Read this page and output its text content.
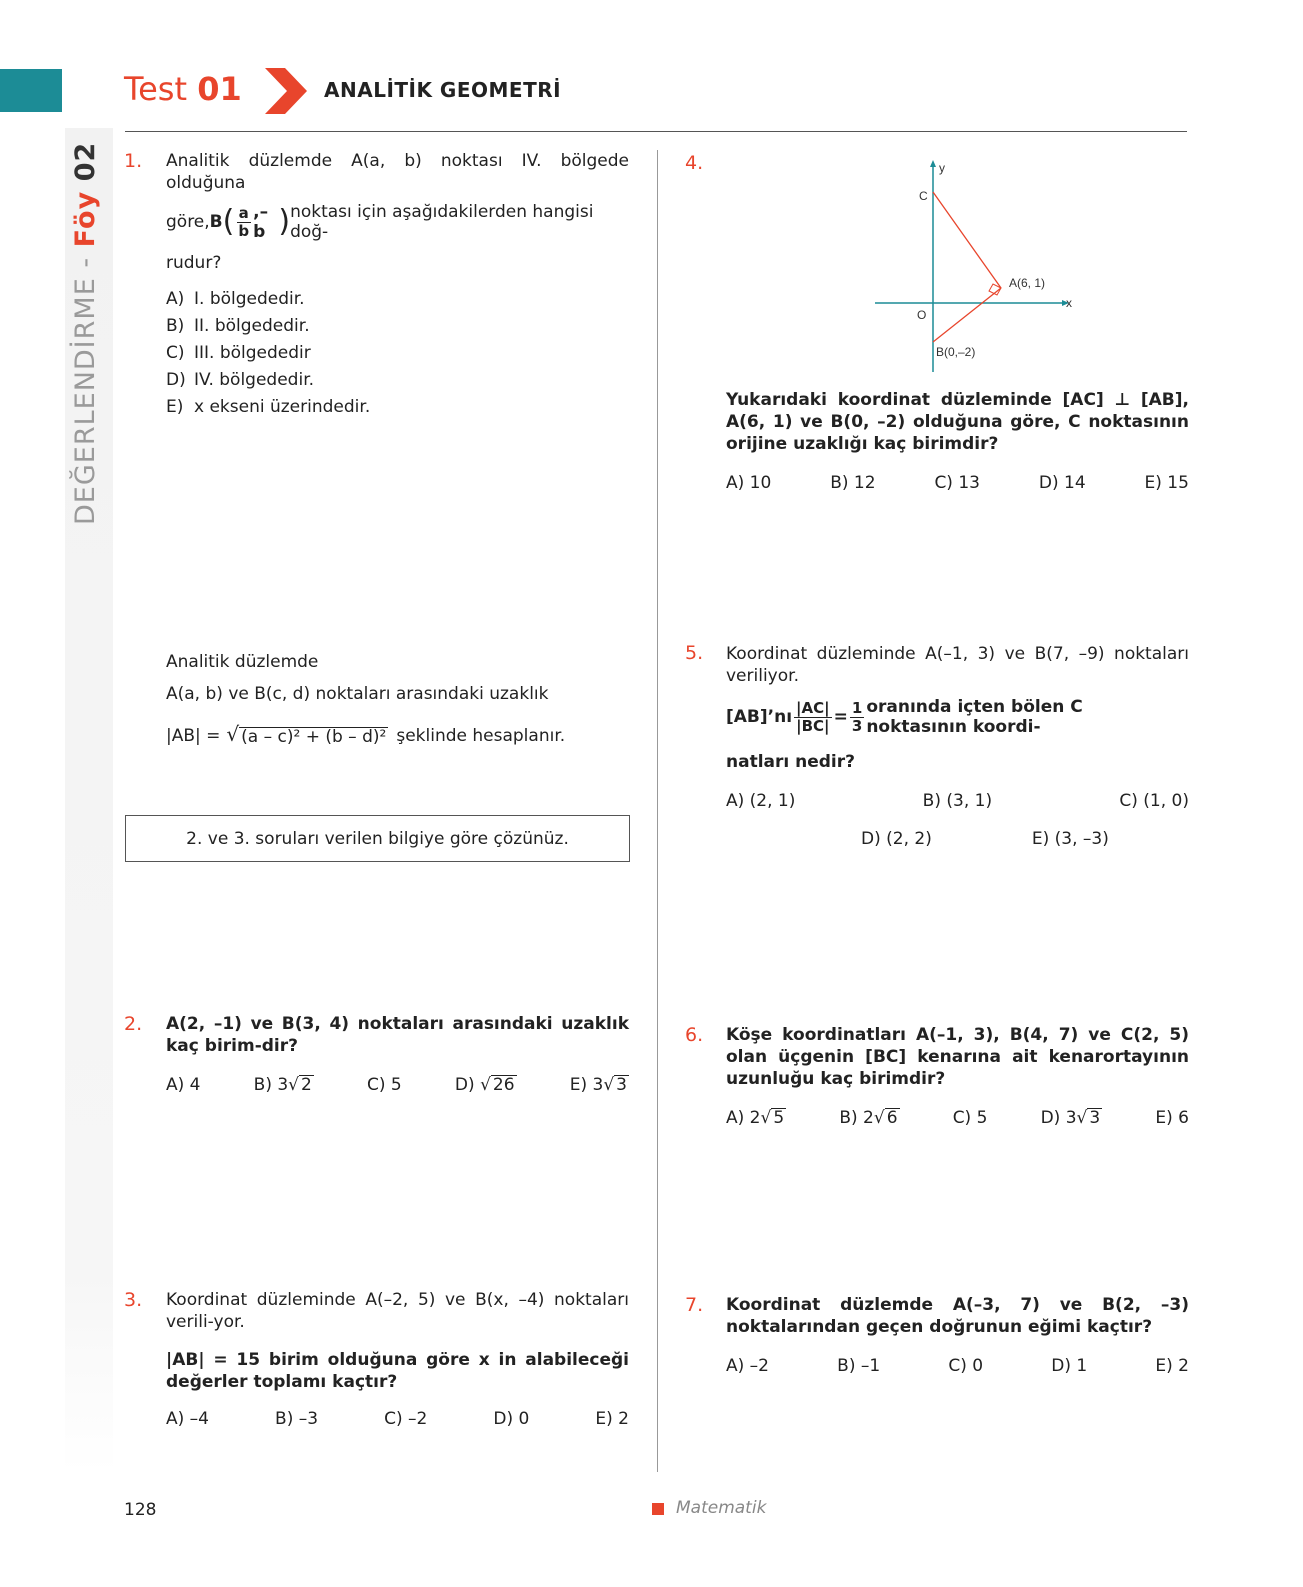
Test 01	ANALİTİK GEOMETRİ
DEĞERLENDİRME - Föy 02 1. Analitik düzlemde A(a, b) noktası IV. bölgede olduğuna
göre, B ( $\frac{a}{b} ,-b$ ) noktası için aşağıdakilerden hangisi doğ-
rudur?
A) I. bölgededir.
B) II. bölgededir.
C) III. bölgededir
D) IV. bölgededir.
E) x ekseni üzerindedir.
Analitik düzlemde
A(a, b) ve B(c, d) noktaları arasındaki uzaklık
|AB| = √ (a – c)² + (b – d)² şeklinde hesaplanır.
2. ve 3. soruları verilen bilgiye göre çözünüz.
2. A(2, –1) ve B(3, 4) noktaları arasındaki uzaklık kaç birim-dir?
A) 4	B) 3√ 2	C) 5	D) √ 26	E) 3√ 3
3. Koordinat düzleminde A(–2, 5) ve B(x, –4) noktaları verili-yor.
|AB| = 15 birim olduğuna göre x in alabileceği değerler toplamı kaçtır?
A) –4	B) –3	C) –2	D) 0	E) 2
4.	y
x
O
C
A(6, 1)
B(0,–2)
Yukarıdaki koordinat düzleminde [AC] ⊥ [AB], A(6, 1) ve B(0, –2) olduğuna göre, C noktasının orijine uzaklığı kaç birimdir?
A) 10	B) 12	C) 13	D) 14	E) 15
5. Koordinat düzleminde A(–1, 3) ve B(7, –9) noktaları veriliyor.
[AB]’nı $\frac{|AC|}{|BC|} = \frac{1}{3}$ oranında içten bölen C noktasının koordi-
natları nedir?
A) (2, 1)	B) (3, 1)	C) (1, 0)
D) (2, 2)	E) (3, –3)
6. Köşe koordinatları A(–1, 3), B(4, 7) ve C(2, 5) olan üçgenin [BC] kenarına ait kenarortayının uzunluğu kaç birimdir?
A) 2√ 5	B) 2√ 6	C) 5	D) 3√ 3	E) 6
7. Koordinat düzlemde A(–3, 7) ve B(2, –3) noktalarından geçen doğrunun eğimi kaçtır?
A) –2	B) –1	C) 0	D) 1	E) 2
128	Matematik
